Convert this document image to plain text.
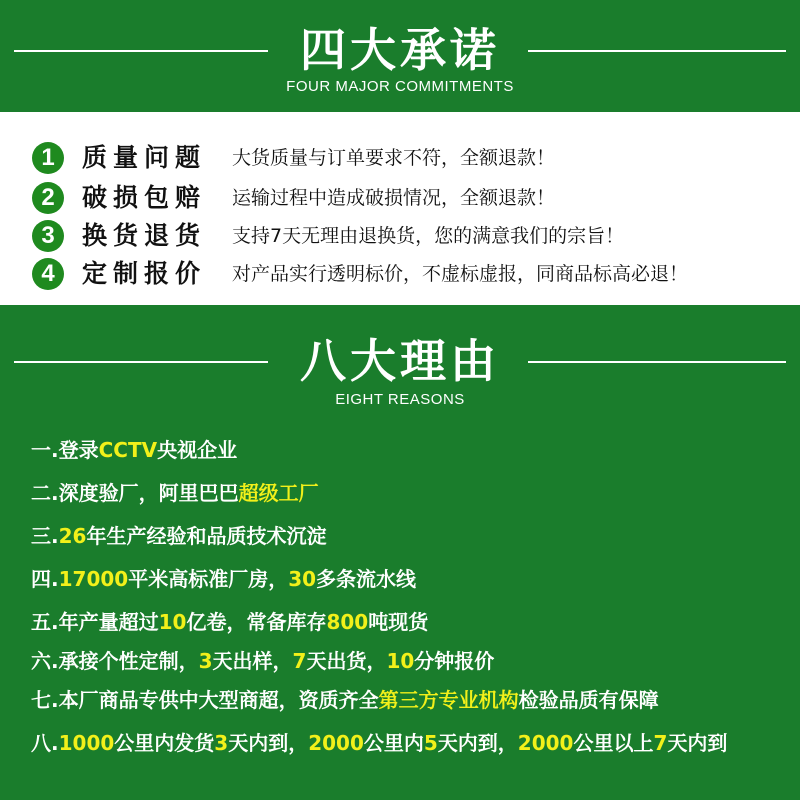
四大承诺
FOUR MAJOR COMMITMENTS
1	质量问题 大货质量与订单要求不符，全额退款！
2	破损包赔 运输过程中造成破损情况，全额退款！
3	换货退货 支持7天无理由退换货，您的满意我们的宗旨！
4	定制报价 对产品实行透明标价，不虚标虚报，同商品标高必退！
八大理由
EIGHT REASONS
一.登录CCTV央视企业
二.深度验厂，阿里巴巴超级工厂
三.26年生产经验和品质技术沉淀
四.17000平米高标准厂房，30多条流水线
五.年产量超过10亿卷，常备库存800吨现货
六.承接个性定制，3天出样，7天出货，10分钟报价
七.本厂商品专供中大型商超，资质齐全第三方专业机构检验品质有保障
八.1000公里内发货3天内到，2000公里内5天内到，2000公里以上7天内到
